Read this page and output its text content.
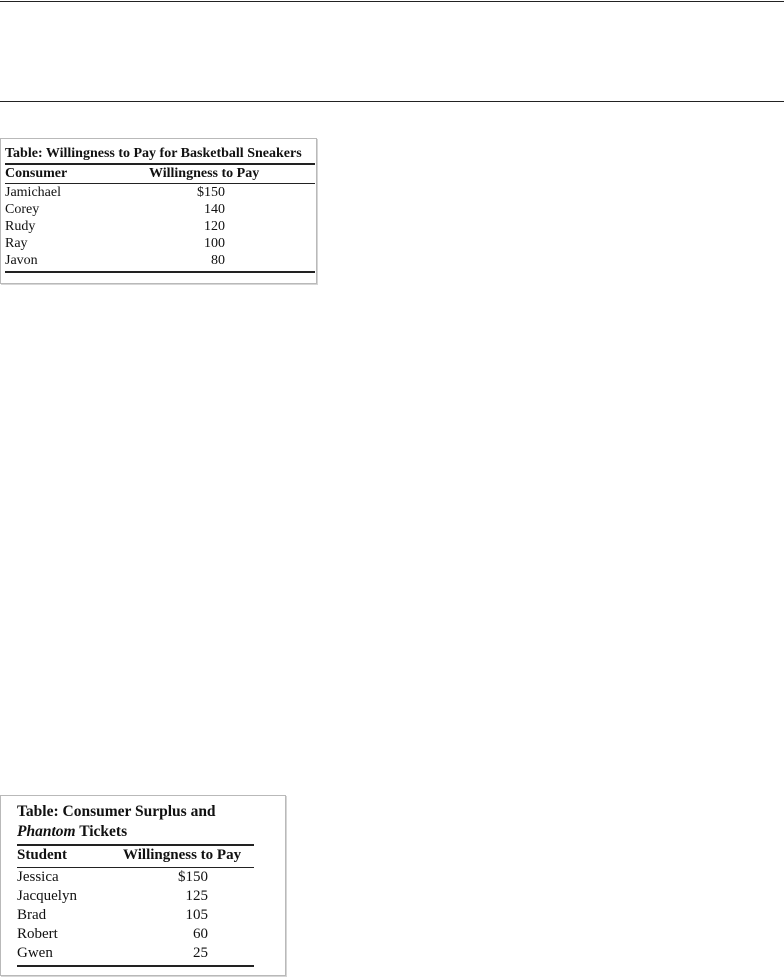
Table: Willingness to Pay for Basketball Sneakers
Consumer	Willingness to Pay
Jamichael	$150
Corey	140
Rudy	120
Ray	100
Javon	80
Table: Consumer Surplus and
Phantom Tickets
Student	Willingness to Pay
Jessica	$150
Jacquelyn	125
Brad	105
Robert	60
Gwen	25
